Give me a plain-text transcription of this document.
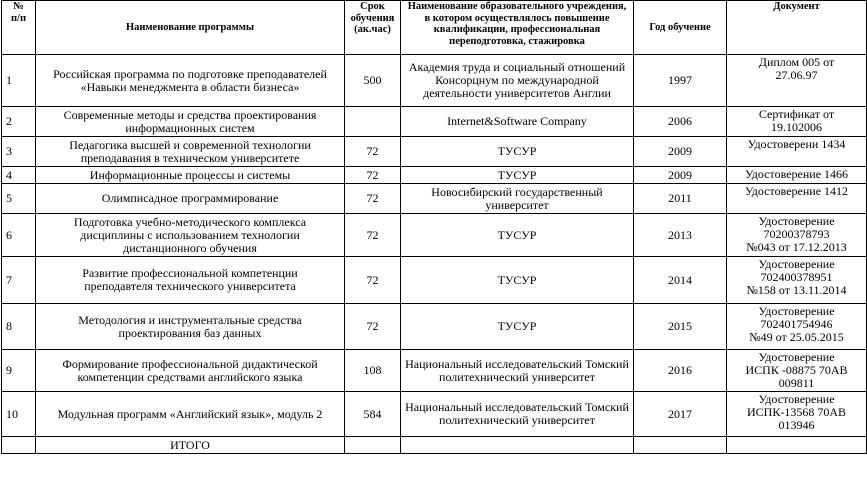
№
п/п	Наименование программы	Срок
обучения
(ак.час)	Наименование образовательного учреждения,
в котором осуществлялось повышение
квалификации, профессиональная
переподготовка, стажировка	Год обучение	Документ
1	Российская программа по подготовке преподавателей
«Навыки менеджмента в области бизнеса»	500	Академия труда и социальный отношений
Консорцнум по международной
деятельности университетов Англии	1997	Диплом 005 от
27.06.97

2	Современные методы и средства проектирования
информационных систем		Internet&Software Company	2006	Сертификат от
19.102006

3	Педагогика высшей и современной технологии
преподавания в техническом университете	72	ТУСУР	2009	Удостоверени 1434

4	Информационные процессы и системы	72	ТУСУР	2009	Удостоверение 1466

5	Олимписадное программирование	72	Новосибирский государственный
университет	2011	Удостоверение 1412

6	Подготовка учебно-методического комплекса
дисциплины с использованием технологии
дистанционного обучения	72	ТУСУР	2013	Удостоверение
70200378793
№043 от 17.12.2013

7	Развитие профессиональной компетенции
преподавтеля технического университета	72	ТУСУР	2014	Удостоверение
702400378951
№158 от 13.11.2014

8	Методология и инструментальные средства
проектирования баз данных	72	ТУСУР	2015	Удостоверение
702401754946
№49 от 25.05.2015

9	Формирование профессиональной дидактической
компетенции средствами английского языка	108	Национальный исследовательский Томский
политехнический университет	2016	Удостоверение
ИСПК -08875 70АВ
009811

10	Модульная программ «Английский язык», модуль 2	584	Национальный исследовательский Томский
политехнический университет	2017	Удостоверение
ИСПК-13568 70АВ
013946

	ИТОГО				
